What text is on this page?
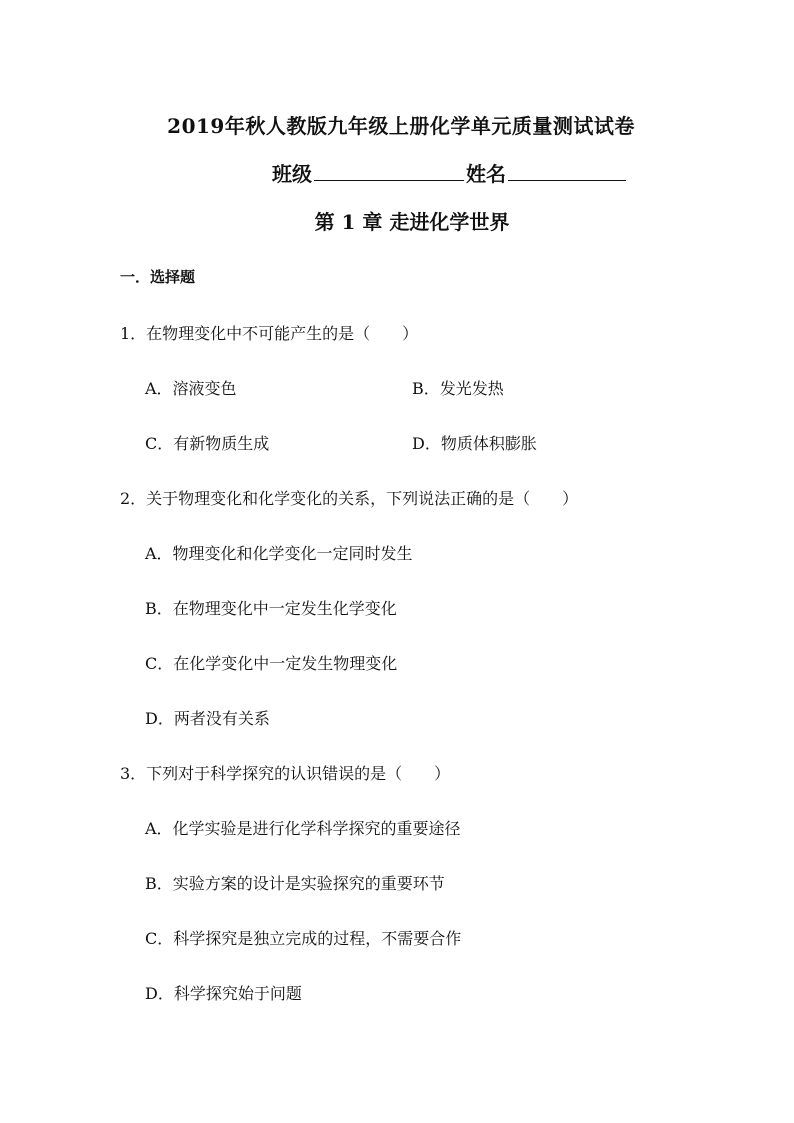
2019年秋人教版九年级上册化学单元质量测试试卷
班级	姓名
第 1 章 走进化学世界
一．选择题
1．在物理变化中不可能产生的是（　　）
A．溶液变色	B．发光发热
C．有新物质生成	D．物质体积膨胀
2．关于物理变化和化学变化的关系，下列说法正确的是（　　）
A．物理变化和化学变化一定同时发生
B．在物理变化中一定发生化学变化
C．在化学变化中一定发生物理变化
D．两者没有关系
3．下列对于科学探究的认识错误的是（　　）
A．化学实验是进行化学科学探究的重要途径
B．实验方案的设计是实验探究的重要环节
C．科学探究是独立完成的过程，不需要合作
D．科学探究始于问题
